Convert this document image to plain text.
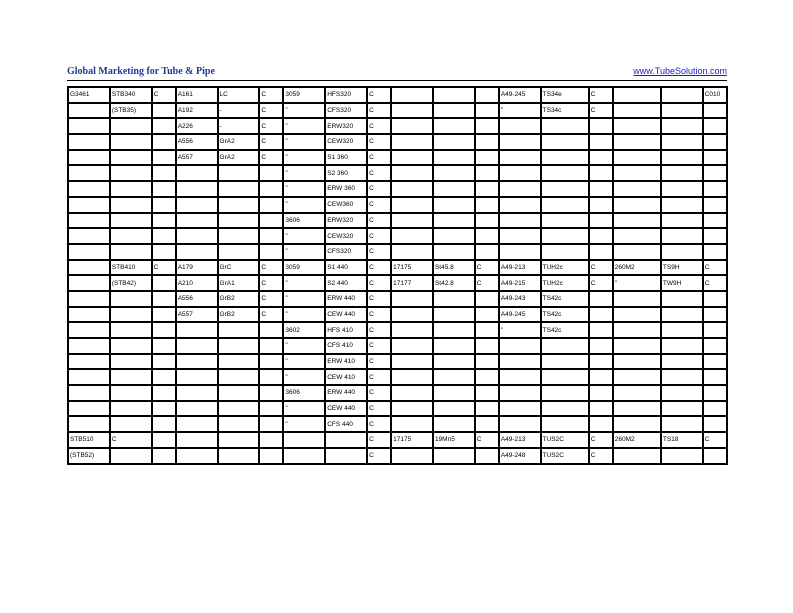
Global Marketing for Tube & Pipe	www.TubeSolution.com
G3461	STB340	C	A161	LC	C	3059	HFS320	C				A49-245	TS34e	C			C010
	(STB35)		A192	-	C	"	CFS320	C				"	TS34c	C			
			A226	-	C	"	ERW320	C									
			A556	GrA2	C	"	CEW320	C									
			A557	GrA2	C	"	S1 360	C									
						"	S2 360	C									
						"	ERW 360	C									
						"	CEW360	C									
						3606	ERW320	C									
						"	CEW320	C									
						"	CFS320	C									
	STB410	C	A179	GrC	C	3059	S1 440	C	17175	St45.8	C	A49-213	TUH2c	C	260M2	TS9H	C
	(STB42)		A210	GrA1	C	"	S2 440	C	17177	St42.8	C	A49-215	TUH2c	C	"	TW9H	C
			A556	GrB2	C	"	ERW 440	C				A49-243	TS42c				
			A557	GrB2	C	"	CEW 440	C				A49-245	TS42c				
						3602	HFS 410	C				"	TS42c				
						"	CFS 410	C									
						"	ERW 410	C									
						"	CEW 410	C									
						3606	ERW 440	C									
						"	CEW 440	C									
						"	CFS 440	C									
STB510	C							C	17175	19Mn5	C	A49-213	TUS2C	C	260M2	TS18	C
(STB52)								C				A49-248	TUS2C	C			
